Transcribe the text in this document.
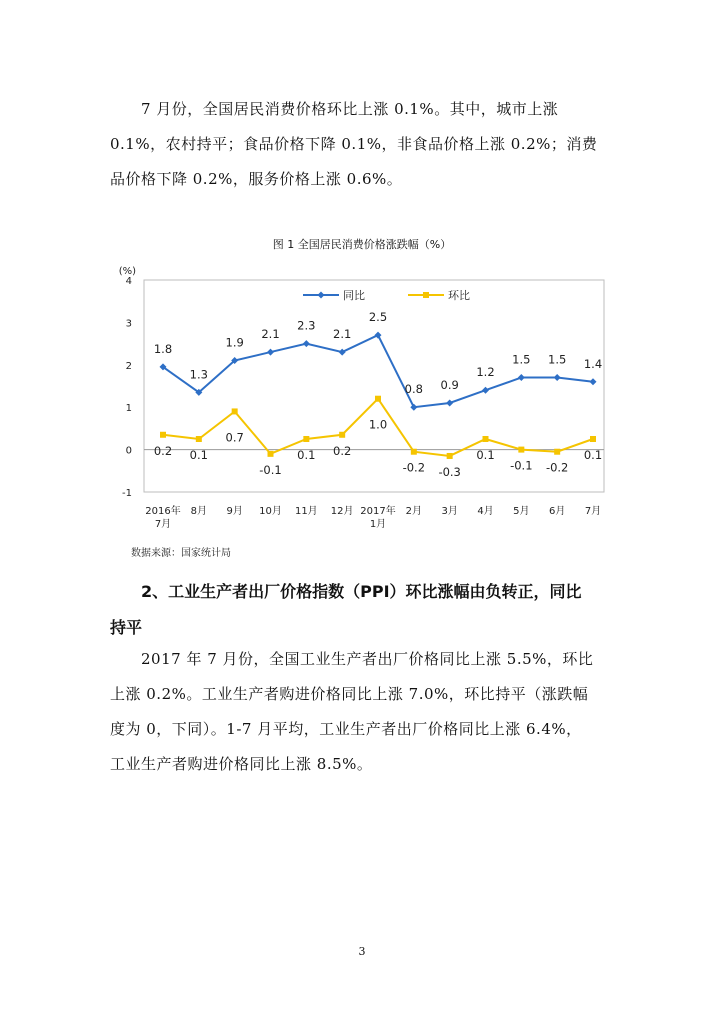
7 月份，全国居民消费价格环比上涨 0.1%。其中，城市上涨
0.1%，农村持平；食品价格下降 0.1%，非食品价格上涨 0.2%；消费
品价格下降 0.2%，服务价格上涨 0.6%。
图 1 全国居民消费价格涨跌幅（%）
4
3
2
1
0
-1
(%)
2016年
7月
8月 9月 10月 11月 12月 2017年
1月
2月 3月 4月 5月 6月 7月
1.8
1.3
1.9
2.1
2.3
2.1
2.5
0.8 0.9
1.2
1.5 1.5 1.4
0.2 0.1
0.7
-0.1
0.1 0.2
1.0
-0.2 -0.3
0.1
-0.1 -0.2
0.1
同比	环比
数据来源：国家统计局
2、工业生产者出厂价格指数（PPI）环比涨幅由负转正，同比
持平
2017 年 7 月份，全国工业生产者出厂价格同比上涨 5.5%，环比
上涨 0.2%。工业生产者购进价格同比上涨 7.0%，环比持平（涨跌幅
度为 0，下同）。1-7 月平均，工业生产者出厂价格同比上涨 6.4%，
工业生产者购进价格同比上涨 8.5%。
3
